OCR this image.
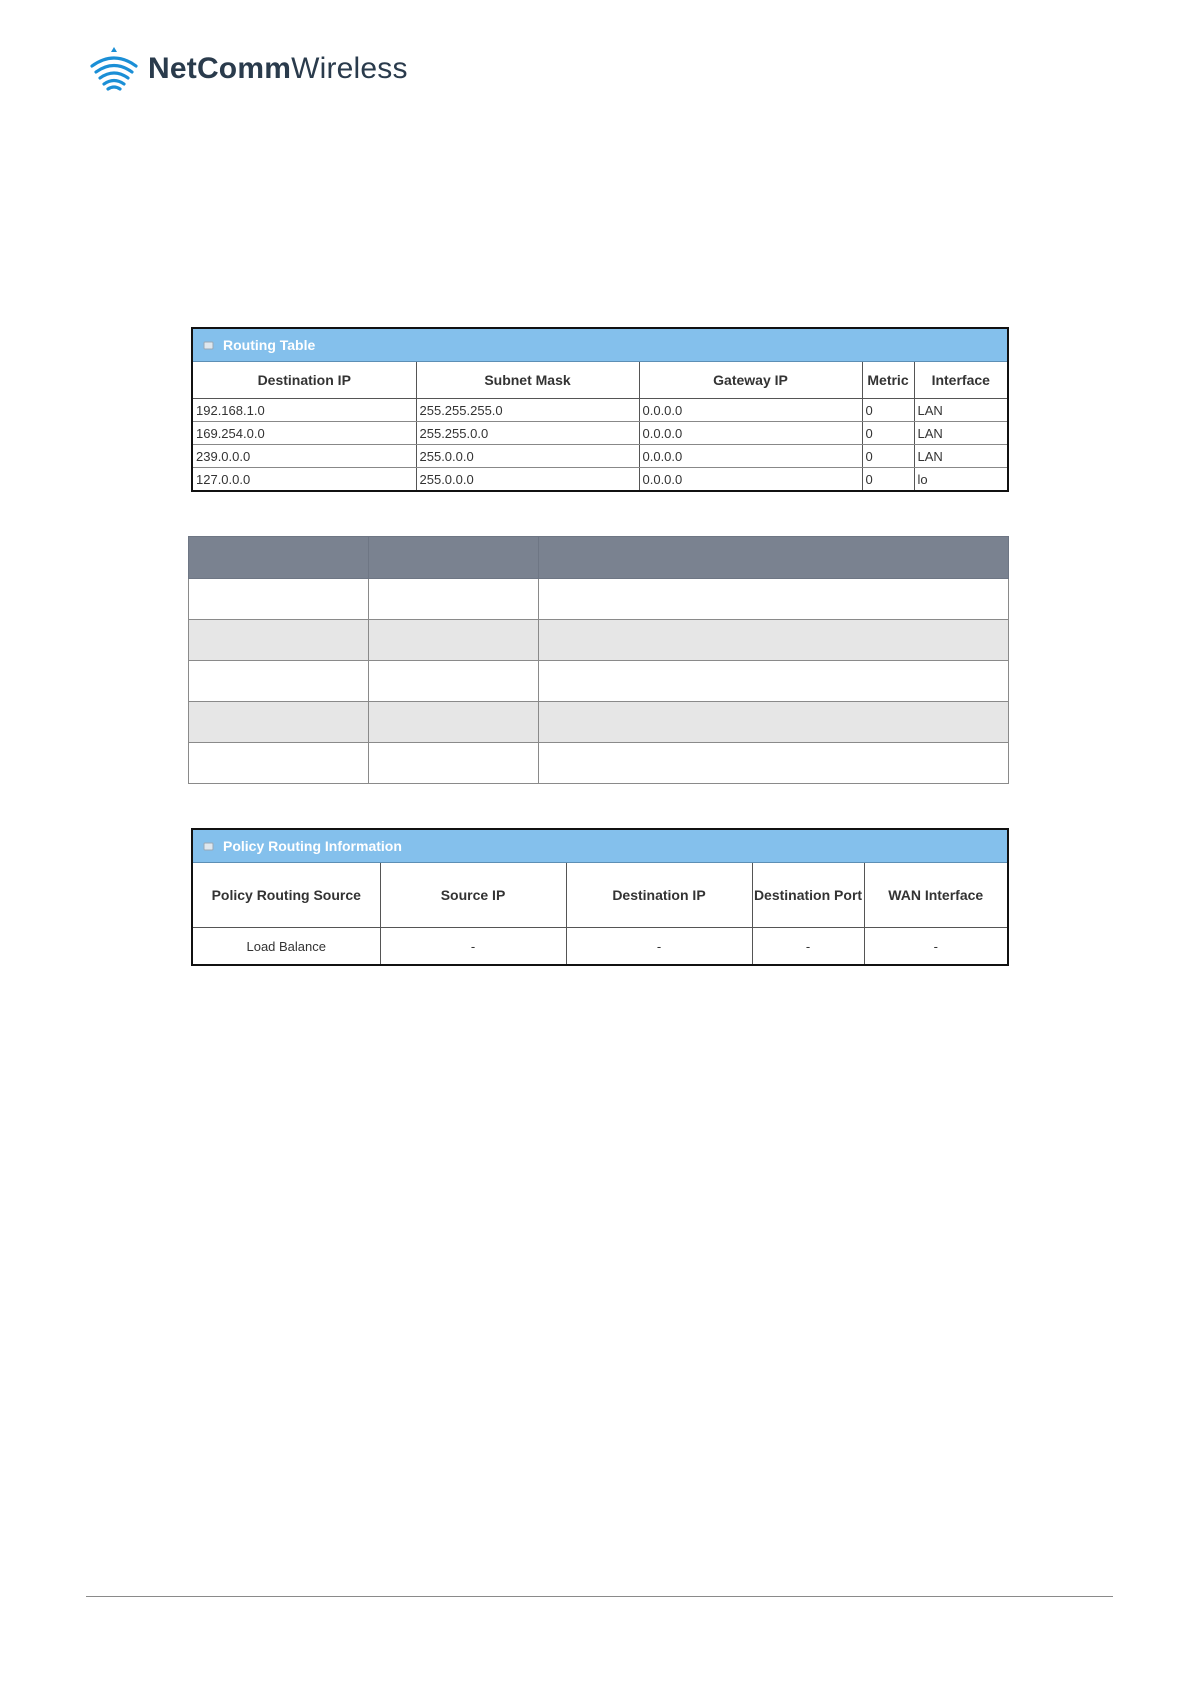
NetCommWireless
Routing Table
Destination IP	Subnet Mask	Gateway IP	Metric	Interface
192.168.1.0	255.255.255.0	0.0.0.0	0	LAN
169.254.0.0	255.255.0.0	0.0.0.0	0	LAN
239.0.0.0	255.0.0.0	0.0.0.0	0	LAN
127.0.0.0	255.0.0.0	0.0.0.0	0	lo

Policy Routing Information
Policy Routing Source	Source IP	Destination IP	Destination Port	WAN Interface
Load Balance	-	-	-	-
